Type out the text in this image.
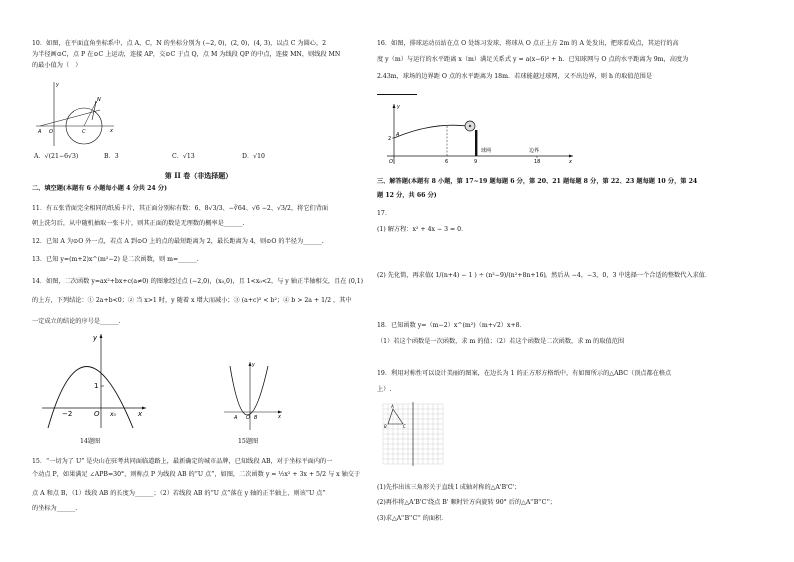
10．如图，在平面直角坐标系中，点 A，C，N 的坐标分别为 (−2, 0)，(2, 0)，(4, 3)，以点 C 为圆心，2
为半径画⊙C，点 P 在⊙C 上运动，连接 AP，交⊙C 于点 Q，点 M 为线段 QP 的中点，连接 MN，则线段 MN
的最小值为（　）
A O	C
N
y
x
A．√(21−6√3)	B．3	C．√13	D．√10
第 II 卷（非选择题）
二、填空题(本题有 6 小题每小题 4 分共 24 分)
11．有五张背面完全相同的纸质卡片，其正面分别标有数：6、8√3/3、−∛64、√6 −2、√3/2，将它们背面
朝上洗匀后，从中随机抽取一张卡片，则其正面的数是无理数的概率是______.
12．已知 A 为⊙O 外一点，若点 A 到⊙O 上的点的最短距离为 2，最长距离为 4，则⊙O 的半径为______.
13．已知 y=(m+2)x^(m²−2) 是二次函数，则 m=______.
14．如图，二次函数 y=ax²+bx+c(a≠0) 的图象经过点 (−2,0)，(x₀,0)，且 1<x₀<2，与 y 轴正半轴相交，且在 (0,1)
的上方，下列结论：① 2a+b<0；② 当 x>1 时，y 随着 x 增大而减小；③ (a+c)² < b²；④ b > 2a + 1/2 ，其中
一定成立的结论的序号是______.
−2	O
1
x₀	x
y
14题图
A O B	x
y
15题图
15．“一切为了 U” 是央山在驻考共同面临道路上，最新确定的城市品牌，已知线段 AB，对于坐标平面内的一
个动点 P，如果满足 ∠APB=30°，则称点 P 为线段 AB 的“U 点”，如图，二次函数 y = ½x² + 3x + 5/2 与 x 轴交于
点 A 和点 B，（1）线段 AB 的长度为______；（2）若线段 AB 的“U 点”落在 y 轴的正半轴上，则该“U 点”
的坐标为______.
16．如图，排球运动员站在点 O 处练习发球，将球从 O 点正上方 2m 的 A 处发出，把球看成点，其运行的高
度 y（m）与运行的水平距离 x（m）满足关系式 y = a(x−6)² + h．已知球网与 O 点的水平距离为 9m，高度为
2.43m，球场的边界距 O 点的水平距离为 18m．若球能越过球网，又不出边界，则 h 的取值范围是
O
2
A
6	9	18
球网	边界
x
y
三、解答题(本题有 8 小题，第 17~19 题每题 6 分，第 20、21 题每题 8 分，第 22、23 题每题 10 分，第 24
题 12 分，共 66 分)
17．
(1) 解方程：x² + 4x − 3 = 0．
(2) 先化简，再求值：
( 1/(n+4) − 1 ) ÷ (n²−9)/(n²+8n+16) ，然后从 −4，−3，0，3 中选择一个合适的整数代入求值．
18．已知函数 y=（m−2）x^(m²)（m+√2）x+8．
（1）若这个函数是一次函数，求 m 的值；（2）若这个函数是二次函数，求 m 的取值范围
19．利用对称性可以设计美丽的图案，在边长为 1 的正方形方格纸中，有如图所示的△ABC（顶点都在格点
上）.
A
B	C
(1)先作出该三角形关于直线 l 成轴对称的△A'B'C'；
(2)再作将△A'B'C'绕点 B' 顺时针方向旋转 90° 后的△A''B''C''；
(3)求△A''B''C'' 的面积．
